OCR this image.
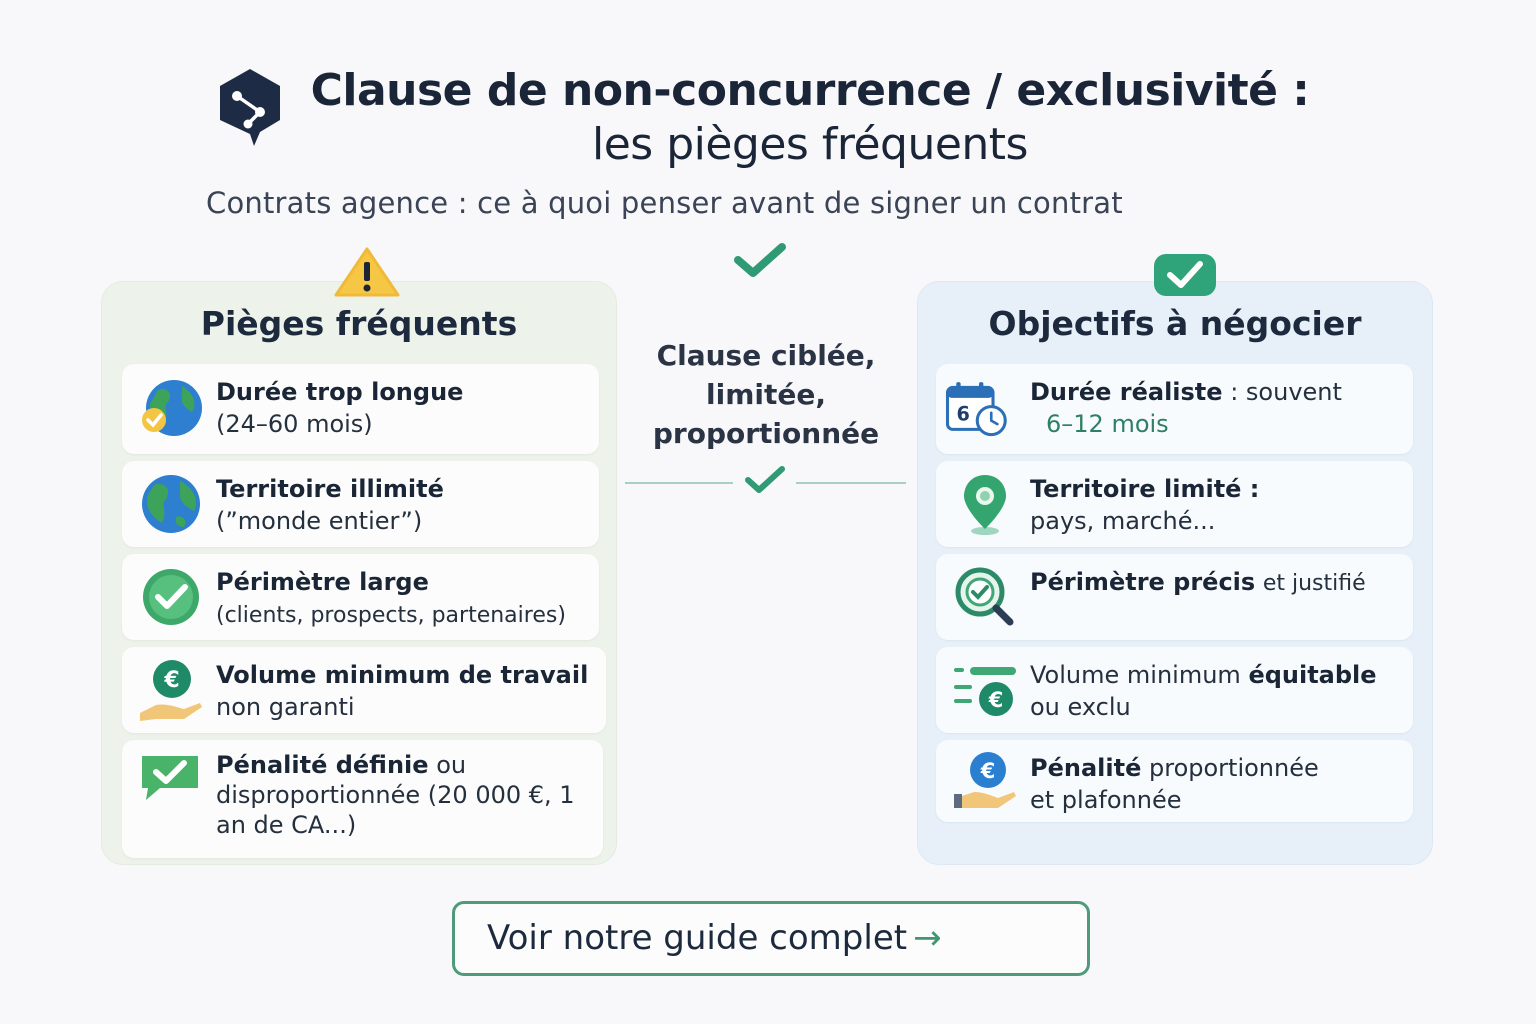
Clause de non-concurrence / exclusivité :
les pièges fréquents
Contrats agence : ce à quoi penser avant de signer un contrat
Pièges fréquents
Durée trop longue
(24–60 mois)
Territoire illimité
(”monde entier”)
Périmètre large
(clients, prospects, partenaires)
€ Volume minimum de travail
non garanti
Pénalité définie ou
disproportionnée (20 000 €, 1 an de CA...)
Clause ciblée,
limitée,
proportionnée
Objectifs à négocier
6
Durée réaliste : souvent
6–12 mois
Territoire limité :
pays, marché...
Périmètre précis et justifié
€
Volume minimum équitable
ou exclu
€ Pénalité proportionnée
et plafonnée
Voir notre guide complet →
